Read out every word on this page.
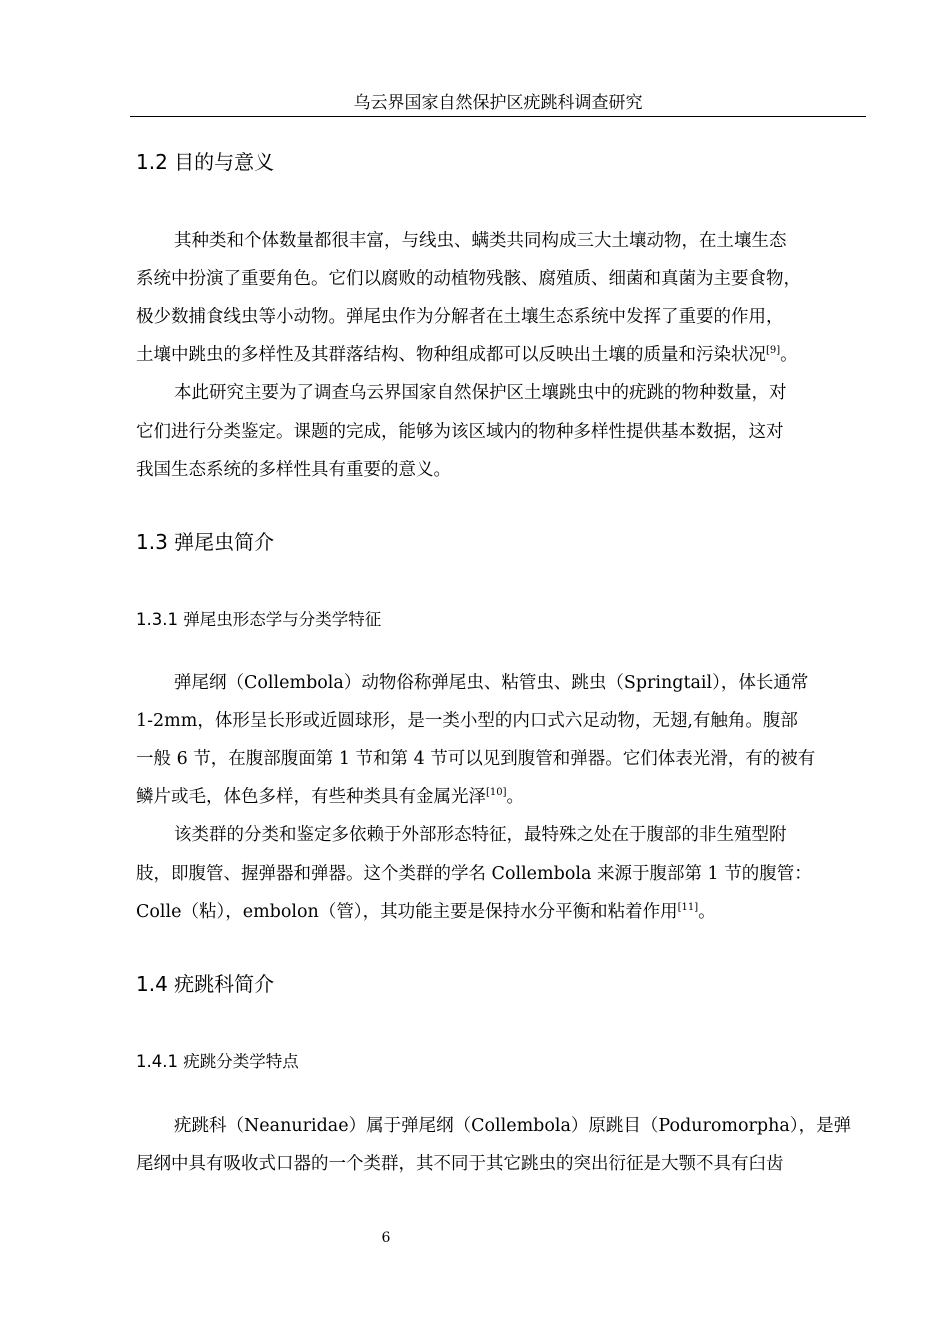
乌云界国家自然保护区疣跳科调查研究
1.2 目的与意义
其种类和个体数量都很丰富，与线虫、螨类共同构成三大土壤动物，在土壤生态
系统中扮演了重要角色。它们以腐败的动植物残骸、腐殖质、细菌和真菌为主要食物，
极少数捕食线虫等小动物。弹尾虫作为分解者在土壤生态系统中发挥了重要的作用，
土壤中跳虫的多样性及其群落结构、物种组成都可以反映出土壤的质量和污染状况[9]。
本此研究主要为了调查乌云界国家自然保护区土壤跳虫中的疣跳的物种数量，对
它们进行分类鉴定。课题的完成，能够为该区域内的物种多样性提供基本数据，这对
我国生态系统的多样性具有重要的意义。
1.3 弹尾虫简介
1.3.1 弹尾虫形态学与分类学特征
弹尾纲（Collembola）动物俗称弹尾虫、粘管虫、跳虫（Springtail），体长通常
1-2mm，体形呈长形或近圆球形，是一类小型的内口式六足动物，无翅,有触角。腹部
一般 6 节，在腹部腹面第 1 节和第 4 节可以见到腹管和弹器。它们体表光滑，有的被有
鳞片或毛，体色多样，有些种类具有金属光泽[10]。
该类群的分类和鉴定多依赖于外部形态特征，最特殊之处在于腹部的非生殖型附
肢，即腹管、握弹器和弹器。这个类群的学名 Collembola 来源于腹部第 1 节的腹管：
Colle（粘），embolon（管），其功能主要是保持水分平衡和粘着作用[11]。
1.4 疣跳科简介
1.4.1 疣跳分类学特点
疣跳科（Neanuridae）属于弹尾纲（Collembola）原跳目（Poduromorpha），是弹
尾纲中具有吸收式口器的一个类群，其不同于其它跳虫的突出衍征是大颚不具有臼齿
6
